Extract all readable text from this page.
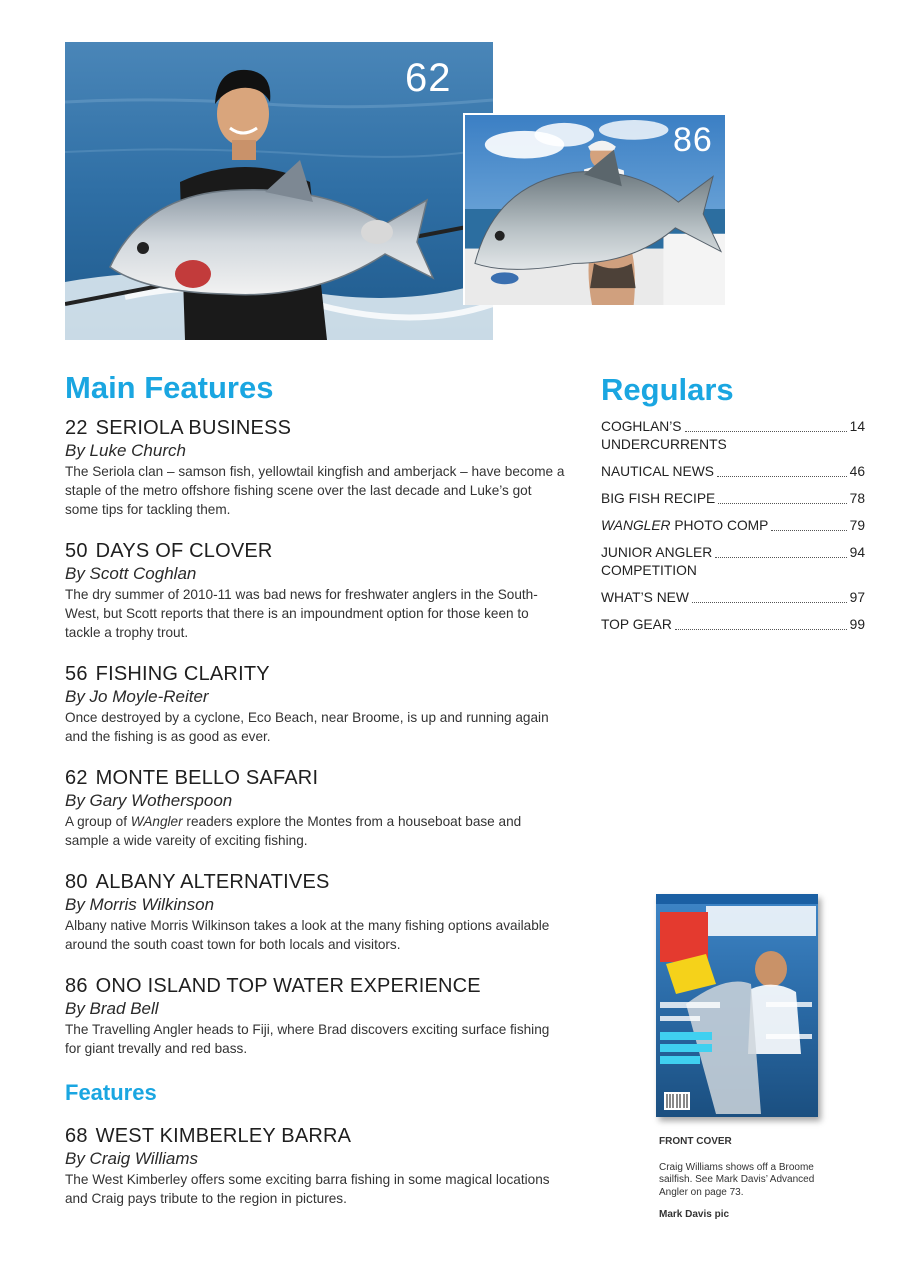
62
86
Main Features
22 SERIOLA BUSINESS
By Luke Church
The Seriola clan – samson fish, yellowtail kingfish and amberjack – have become a staple of the metro offshore fishing scene over the last decade and Luke’s got some tips for tackling them.
50 DAYS OF CLOVER
By Scott Coghlan
The dry summer of 2010-11 was bad news for freshwater anglers in the South-West, but Scott reports that there is an impoundment option for those keen to tackle a trophy trout.
56 FISHING CLARITY
By Jo Moyle-Reiter
Once destroyed by a cyclone, Eco Beach, near Broome, is up and running again and the fishing is as good as ever.
62 MONTE BELLO SAFARI
By Gary Wotherspoon
A group of WAngler readers explore the Montes from a houseboat base and sample a wide vareity of exciting fishing.
80 ALBANY ALTERNATIVES
By Morris Wilkinson
Albany native Morris Wilkinson takes a look at the many fishing options available around the south coast town for both locals and visitors.
86 ONO ISLAND TOP WATER EXPERIENCE
By Brad Bell
The Travelling Angler heads to Fiji, where Brad discovers exciting surface fishing for giant trevally and red bass.
Features
68 WEST KIMBERLEY BARRA
By Craig Williams
The West Kimberley offers some exciting barra fishing in some magical locations and Craig pays tribute to the region in pictures.
Regulars
COGHLAN’S	14
UNDERCURRENTS
NAUTICAL NEWS	46
BIG FISH RECIPE	78
WANGLER PHOTO COMP	79
JUNIOR ANGLER	94
COMPETITION
WHAT’S NEW	97
TOP GEAR	99
FRONT COVER
Craig Williams shows off a Broome sailfish. See Mark Davis’ Advanced Angler on page 73.
Mark Davis pic
